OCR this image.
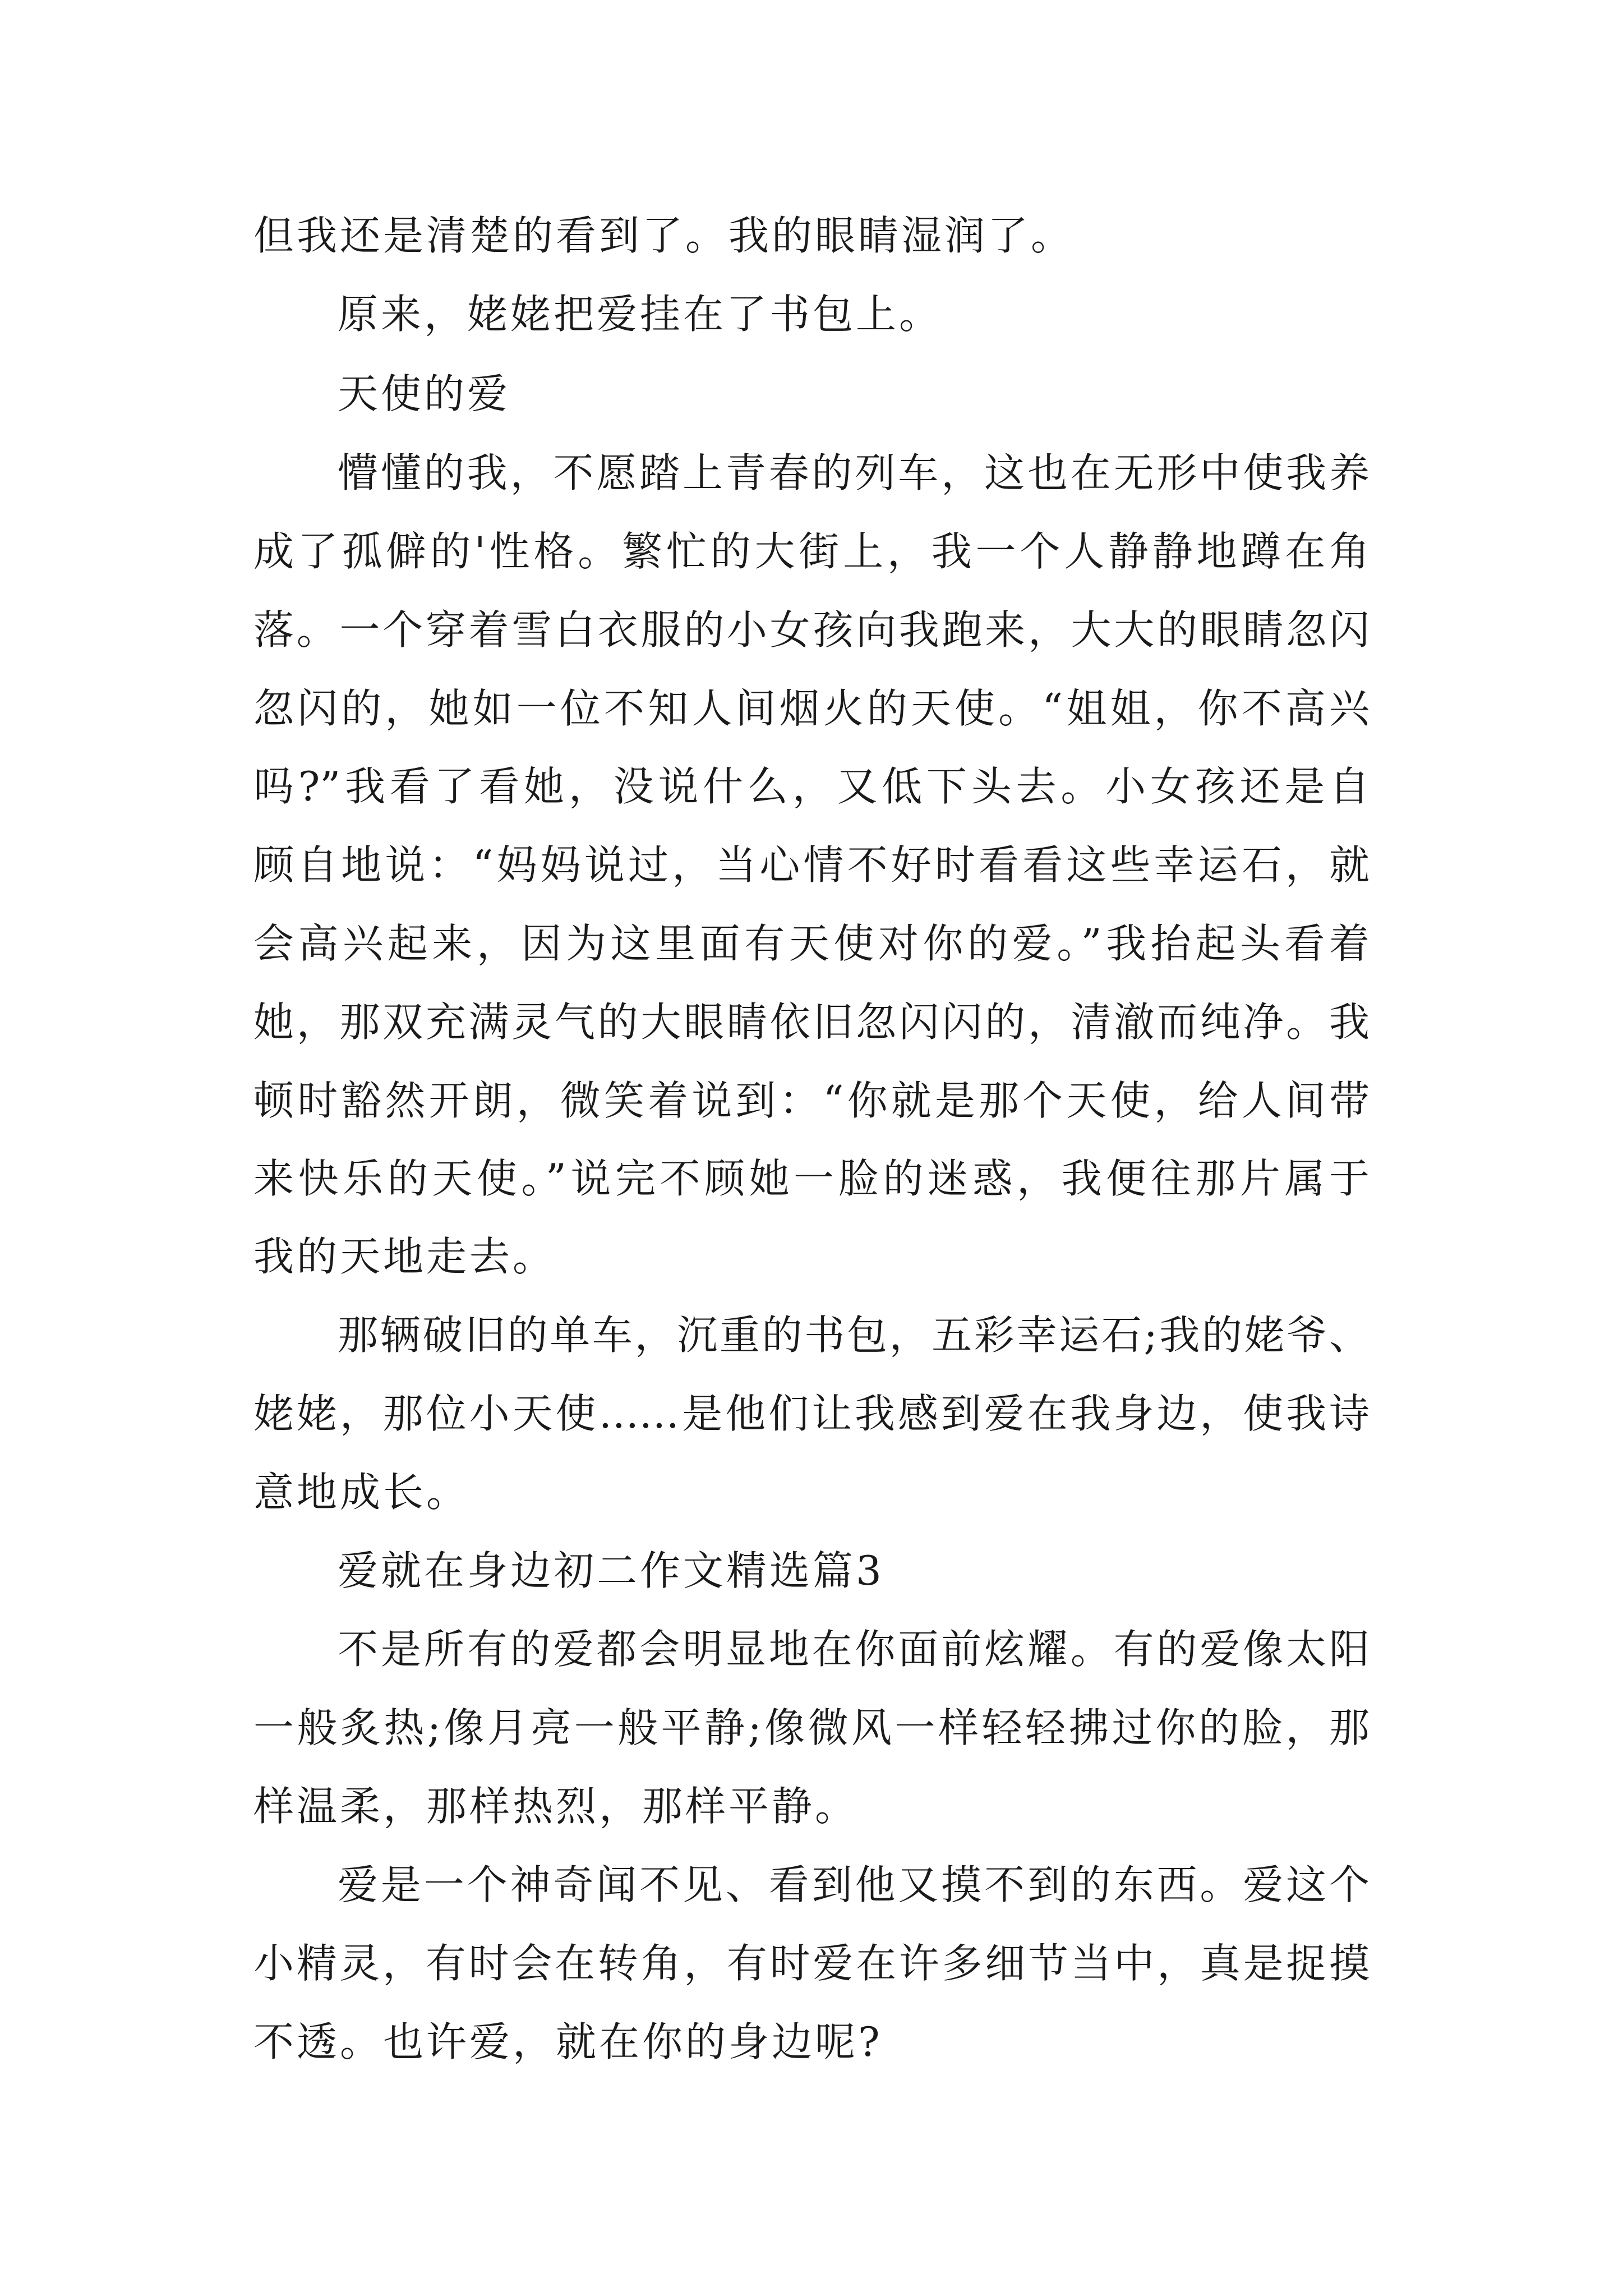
但我还是清楚的看到了。我的眼睛湿润了。
原来，姥姥把爱挂在了书包上。
天使的爱
懵懂的我，不愿踏上青春的列车，这也在无形中使我养
成了孤僻的'性格。繁忙的大街上，我一个人静静地蹲在角
落。一个穿着雪白衣服的小女孩向我跑来，大大的眼睛忽闪
忽闪的，她如一位不知人间烟火的天使。“姐姐，你不高兴
吗?”我看了看她，没说什么，又低下头去。小女孩还是自
顾自地说：“妈妈说过，当心情不好时看看这些幸运石，就
会高兴起来，因为这里面有天使对你的爱。”我抬起头看着
她，那双充满灵气的大眼睛依旧忽闪闪的，清澈而纯净。我
顿时豁然开朗，微笑着说到：“你就是那个天使，给人间带
来快乐的天使。”说完不顾她一脸的迷惑，我便往那片属于
我的天地走去。
那辆破旧的单车，沉重的书包，五彩幸运石;我的姥爷、
姥姥，那位小天使……是他们让我感到爱在我身边，使我诗
意地成长。
爱就在身边初二作文精选篇3
不是所有的爱都会明显地在你面前炫耀。有的爱像太阳
一般炙热;像月亮一般平静;像微风一样轻轻拂过你的脸，那
样温柔，那样热烈，那样平静。
爱是一个神奇闻不见、看到他又摸不到的东西。爱这个
小精灵，有时会在转角，有时爱在许多细节当中，真是捉摸
不透。也许爱，就在你的身边呢?
